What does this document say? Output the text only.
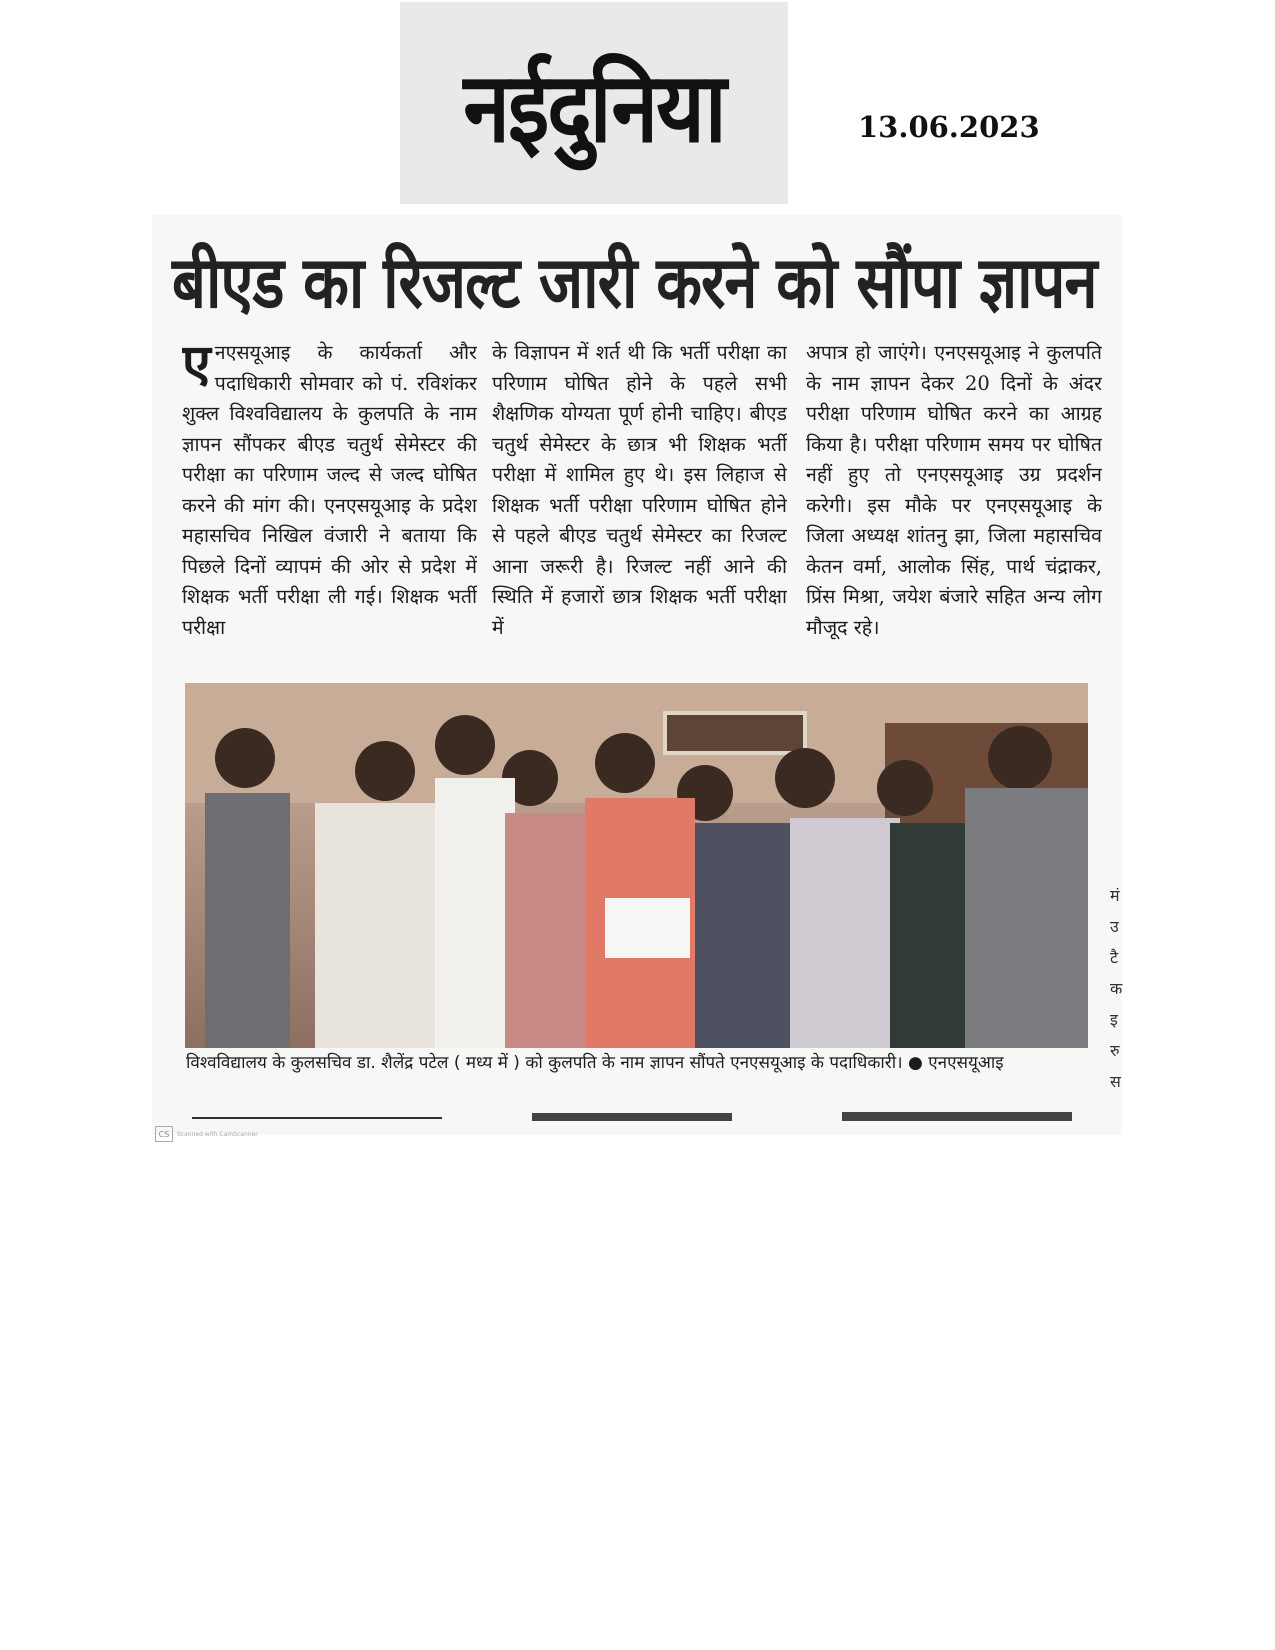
नईदुनिया	13.06.2023
बीएड का रिजल्ट जारी करने को सौंपा ज्ञापन
एनएसयूआइ के कार्यकर्ता और पदाधिकारी सोमवार को पं. रविशंकर शुक्ल विश्वविद्यालय के कुलपति के नाम ज्ञापन सौंपकर बीएड चतुर्थ सेमेस्टर की परीक्षा का परिणाम जल्द से जल्द घोषित करने की मांग की। एनएसयूआइ के प्रदेश महासचिव निखिल वंजारी ने बताया कि पिछले दिनों व्यापमं की ओर से प्रदेश में शिक्षक भर्ती परीक्षा ली गई। शिक्षक भर्ती परीक्षा
के विज्ञापन में शर्त थी कि भर्ती परीक्षा का परिणाम घोषित होने के पहले सभी शैक्षणिक योग्यता पूर्ण होनी चाहिए। बीएड चतुर्थ सेमेस्टर के छात्र भी शिक्षक भर्ती परीक्षा में शामिल हुए थे। इस लिहाज से शिक्षक भर्ती परीक्षा परिणाम घोषित होने से पहले बीएड चतुर्थ सेमेस्टर का रिजल्ट आना जरूरी है। रिजल्ट नहीं आने की स्थिति में हजारों छात्र शिक्षक भर्ती परीक्षा में
अपात्र हो जाएंगे। एनएसयूआइ ने कुलपति के नाम ज्ञापन देकर 20 दिनों के अंदर परीक्षा परिणाम घोषित करने का आग्रह किया है। परीक्षा परिणाम समय पर घोषित नहीं हुए तो एनएसयूआइ उग्र प्रदर्शन करेगी। इस मौके पर एनएसयूआइ के जिला अध्यक्ष शांतनु झा, जिला महासचिव केतन वर्मा, आलोक सिंह, पार्थ चंद्राकर, प्रिंस मिश्रा, जयेश बंजारे सहित अन्य लोग मौजूद रहे।
विश्वविद्यालय के कुलसचिव डा. शैलेंद्र पटेल ( मध्य में ) को कुलपति के नाम ज्ञापन सौंपते एनएसयूआइ के पदाधिकारी। ● एनएसयूआइ
मं
उ
टै
क
इ
रु
स
CS	Scanned with CamScanner
